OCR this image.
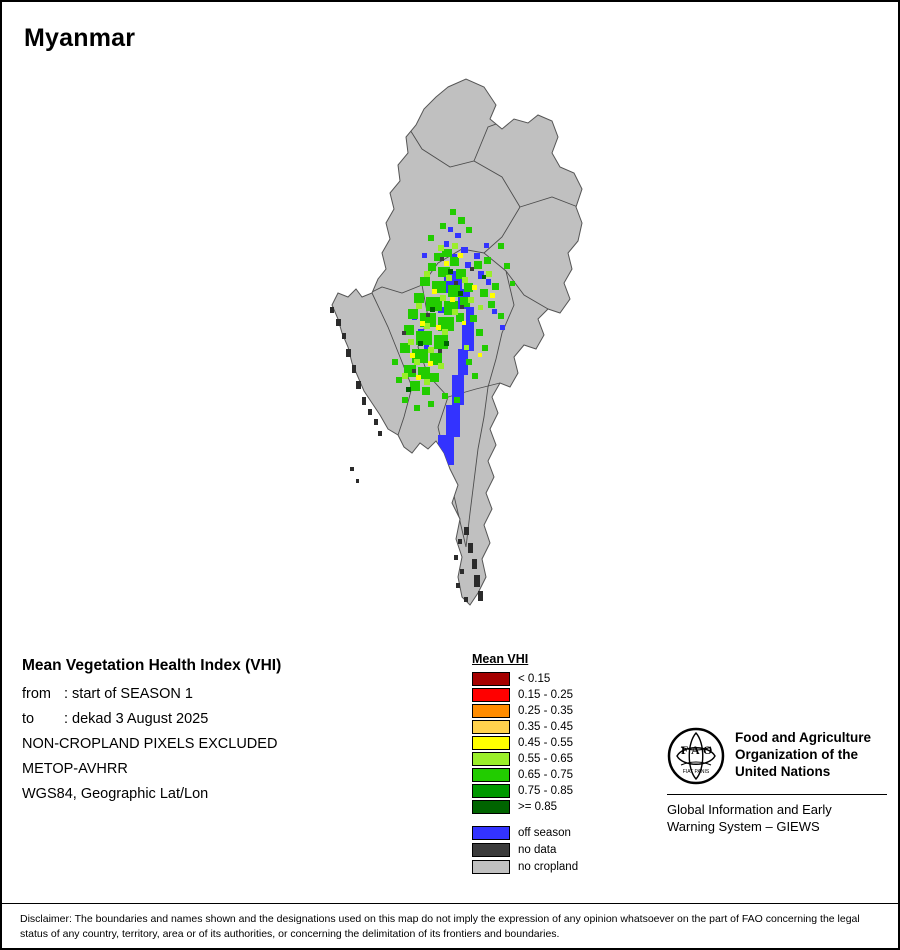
Myanmar
Mean Vegetation Health Index (VHI)
from : start of SEASON 1
to : dekad 3 August 2025
NON-CROPLAND PIXELS EXCLUDED
METOP-AVHRR
WGS84, Geographic Lat/Lon
Mean VHI
< 0.15
0.15 - 0.25
0.25 - 0.35
0.35 - 0.45
0.45 - 0.55
0.55 - 0.65
0.65 - 0.75
0.75 - 0.85
>= 0.85
off season
no data
no cropland
F A O
FIAT PANIS
Food and Agriculture
Organization of the
United Nations
Global Information and Early
Warning System – GIEWS
Disclaimer: The boundaries and names shown and the designations used on this map do not imply the expression of any opinion whatsoever on the part of FAO concerning the legal status of any country, territory, area or of its authorities, or concerning the delimitation of its frontiers and boundaries.
